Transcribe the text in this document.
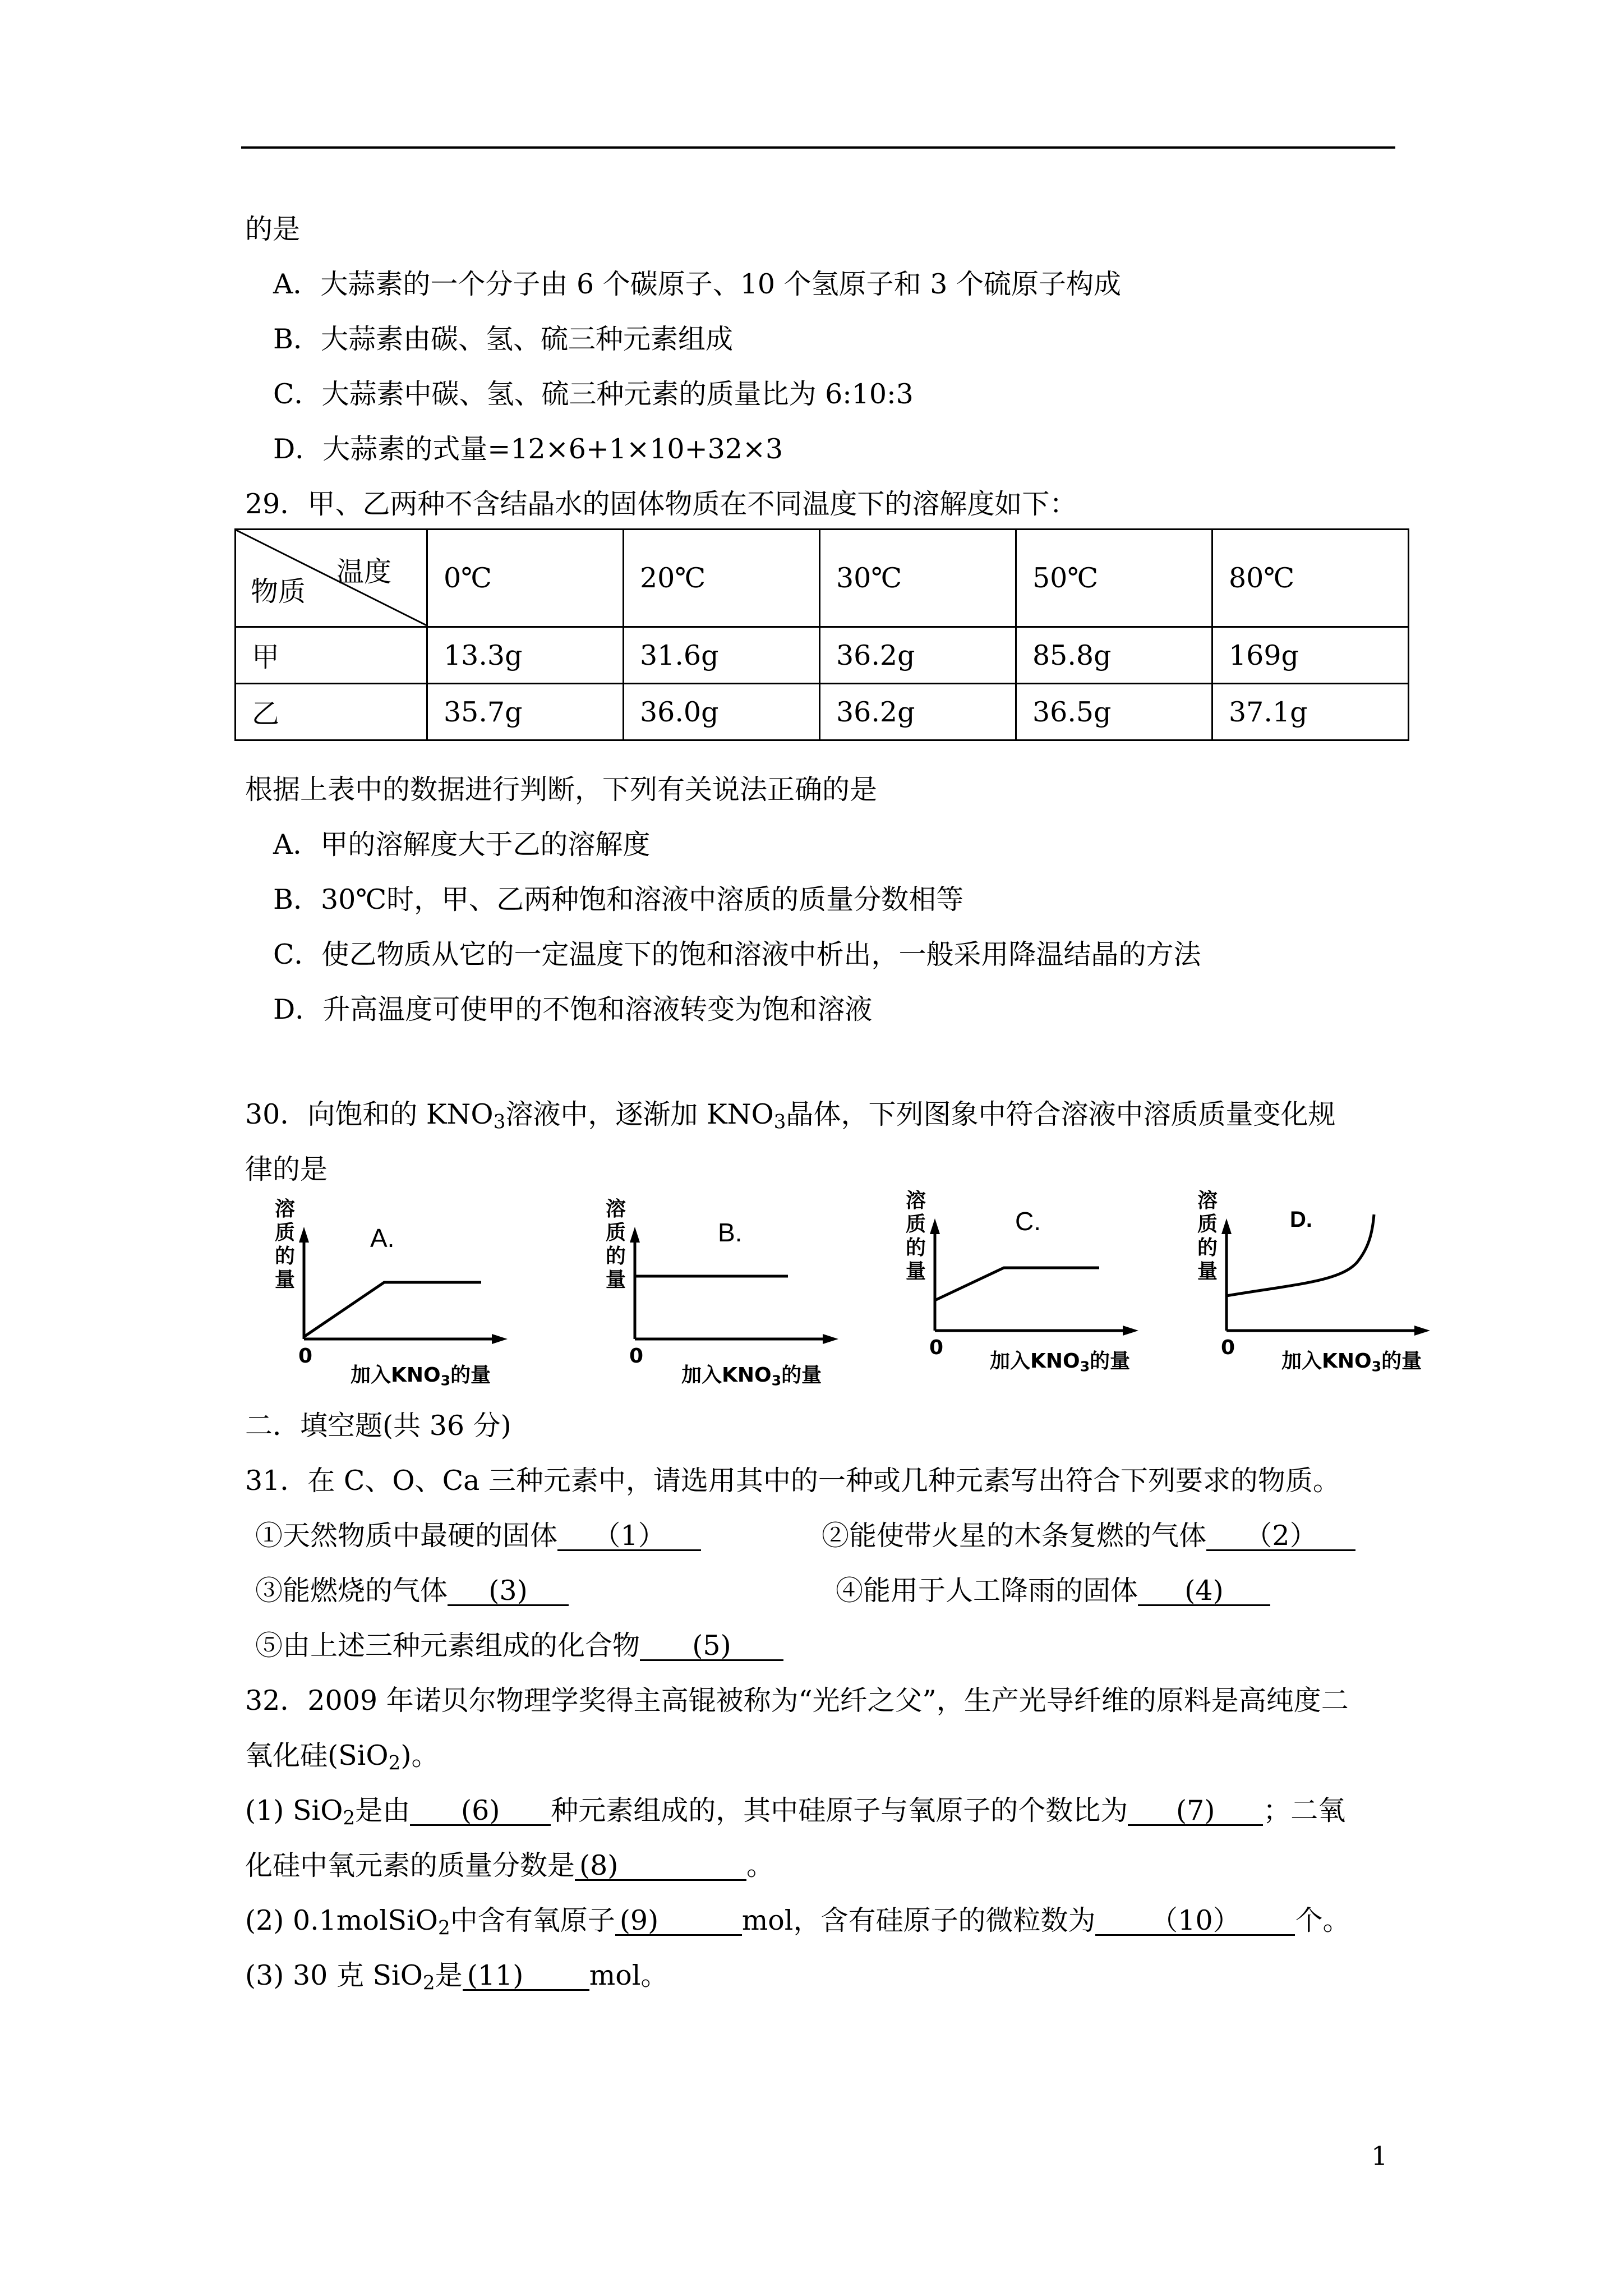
的是
A．大蒜素的一个分子由 6 个碳原子、10 个氢原子和 3 个硫原子构成
B．大蒜素由碳、氢、硫三种元素组成
C．大蒜素中碳、氢、硫三种元素的质量比为 6:10:3
D．大蒜素的式量=12×6+1×10+32×3
29．甲、乙两种不含结晶水的固体物质在不同温度下的溶解度如下：
温度
物质	0℃	20℃	30℃	50℃	80℃
甲	13.3g	31.6g	36.2g	85.8g	169g
乙	35.7g	36.0g	36.2g	36.5g	37.1g
根据上表中的数据进行判断，下列有关说法正确的是
A．甲的溶解度大于乙的溶解度
B．30℃时，甲、乙两种饱和溶液中溶质的质量分数相等
C．使乙物质从它的一定温度下的饱和溶液中析出，一般采用降温结晶的方法
D．升高温度可使甲的不饱和溶液转变为饱和溶液
30．向饱和的 $KNO_3$溶液中，逐渐加 $KNO_3$晶体，下列图象中符合溶液中溶质质量变化规
律的是
溶质的量
A.
0
加入$KNO_3$的量
溶质的量
B.
0
加入$KNO_3$的量
溶质的量
C.
0
加入$KNO_3$的量
溶质的量
D.
0
加入$KNO_3$的量
二．填空题(共 36 分)
31．在 C、O、Ca 三种元素中，请选用其中的一种或几种元素写出符合下列要求的物质。
①天然物质中最硬的固体 （1）	②能使带火星的木条复燃的气体 （2）
③能燃烧的气体 (3)	④能用于人工降雨的固体 (4)
⑤由上述三种元素组成的化合物 (5)
32．2009 年诺贝尔物理学奖得主高锟被称为“光纤之父”，生产光导纤维的原料是高纯度二
氧化硅(SiO$_2$)。
(1) SiO$_2$是由 (6) 种元素组成的，其中硅原子与氧原子的个数比为 (7) ；二氧
化硅中氧元素的质量分数是 (8)	。
(2) 0.1molSiO$_2$中含有氧原子 (9)	mol，含有硅原子的微粒数为 （10） 个。
(3) 30 克 SiO$_2$是 (11) mol。
1
